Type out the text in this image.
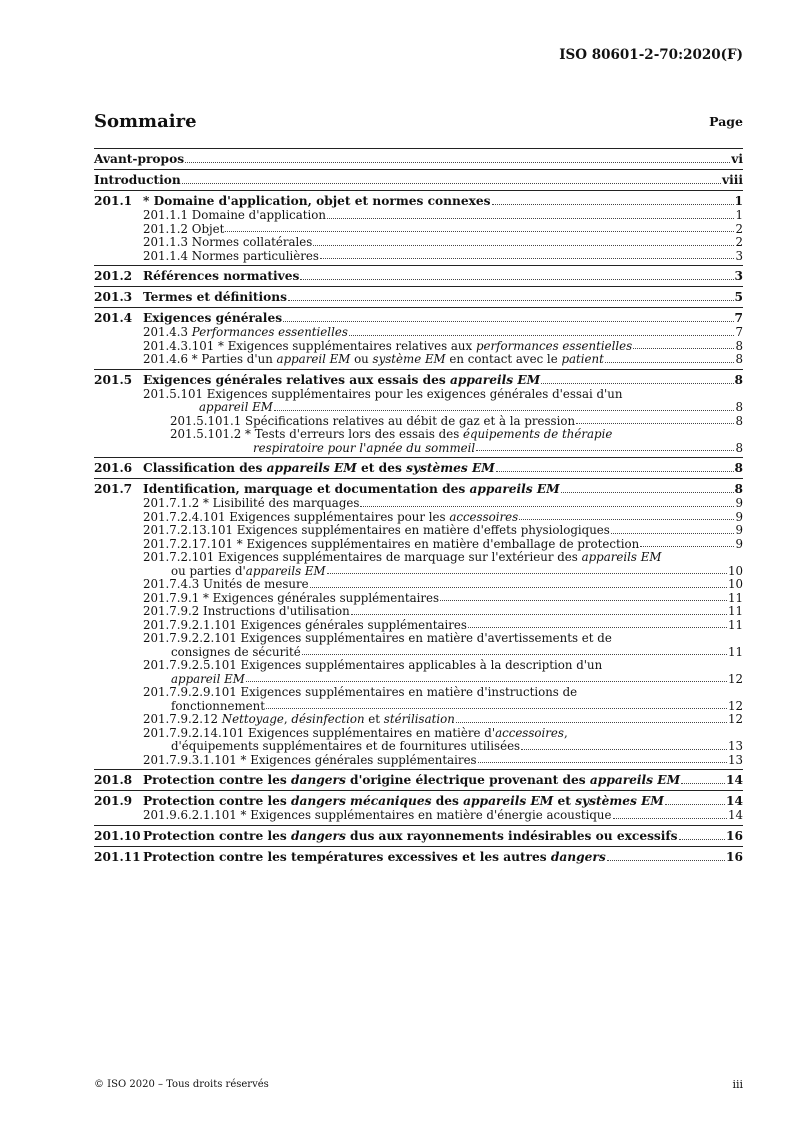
ISO 80601-2-70:2020(F)
Sommaire	Page
Avant-propos	vi
Introduction	viii
201.1 * Domaine d'application, objet et normes connexes	1
201.1.1 Domaine d'application	1
201.1.2 Objet	2
201.1.3 Normes collatérales	2
201.1.4 Normes particulières	3
201.2 Références normatives	3
201.3 Termes et définitions	5
201.4 Exigences générales	7
201.4.3 Performances essentielles	7
201.4.3.101 * Exigences supplémentaires relatives aux performances essentielles	8
201.4.6 * Parties d'un appareil EM ou système EM en contact avec le patient	8
201.5 Exigences générales relatives aux essais des appareils EM	8
201.5.101 Exigences supplémentaires pour les exigences générales d'essai d'un
appareil EM	8
201.5.101.1 Spécifications relatives au débit de gaz et à la pression	8
201.5.101.2 * Tests d'erreurs lors des essais des équipements de thérapie
respiratoire pour l'apnée du sommeil	8
201.6 Classification des appareils EM et des systèmes EM	8
201.7 Identification, marquage et documentation des appareils EM	8
201.7.1.2 * Lisibilité des marquages	9
201.7.2.4.101 Exigences supplémentaires pour les accessoires	9
201.7.2.13.101 Exigences supplémentaires en matière d'effets physiologiques	9
201.7.2.17.101 * Exigences supplémentaires en matière d'emballage de protection	9
201.7.2.101 Exigences supplémentaires de marquage sur l'extérieur des appareils EM
ou parties d'appareils EM	10
201.7.4.3 Unités de mesure	10
201.7.9.1 * Exigences générales supplémentaires	11
201.7.9.2 Instructions d'utilisation	11
201.7.9.2.1.101 Exigences générales supplémentaires	11
201.7.9.2.2.101 Exigences supplémentaires en matière d'avertissements et de
consignes de sécurité	11
201.7.9.2.5.101 Exigences supplémentaires applicables à la description d'un
appareil EM	12
201.7.9.2.9.101 Exigences supplémentaires en matière d'instructions de
fonctionnement	12
201.7.9.2.12 Nettoyage, désinfection et stérilisation	12
201.7.9.2.14.101 Exigences supplémentaires en matière d'accessoires,
d'équipements supplémentaires et de fournitures utilisées	13
201.7.9.3.1.101 * Exigences générales supplémentaires	13
201.8 Protection contre les dangers d'origine électrique provenant des appareils EM	14
201.9 Protection contre les dangers mécaniques des appareils EM et systèmes EM	14
201.9.6.2.1.101 * Exigences supplémentaires en matière d'énergie acoustique	14
201.10 Protection contre les dangers dus aux rayonnements indésirables ou excessifs	16
201.11 Protection contre les températures excessives et les autres dangers	16
© ISO 2020 – Tous droits réservés	iii
